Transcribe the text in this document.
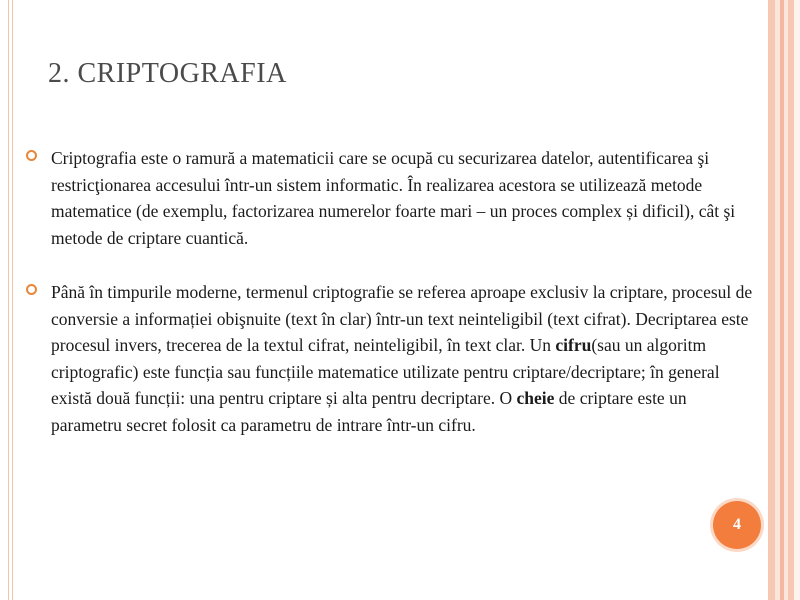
2. CRIPTOGRAFIA

Criptografia este o ramură a matematicii care se ocupă cu securizarea datelor, autentificarea şi restricţionarea accesului într-un sistem informatic. În realizarea acestora se utilizează metode matematice (de exemplu, factorizarea numerelor foarte mari – un proces complex și dificil), cât şi metode de criptare cuantică.

Până în timpurile moderne, termenul criptografie se referea aproape exclusiv la criptare, procesul de conversie a informației obişnuite (text în clar) într-un text neinteligibil (text cifrat). Decriptarea este procesul invers, trecerea de la textul cifrat, neinteligibil, în text clar. Un cifru(sau un algoritm criptografic) este funcția sau funcțiile matematice utilizate pentru criptare/decriptare; în general există două funcții: una pentru criptare și alta pentru decriptare. O cheie de criptare este un parametru secret folosit ca parametru de intrare într-un cifru.

4
